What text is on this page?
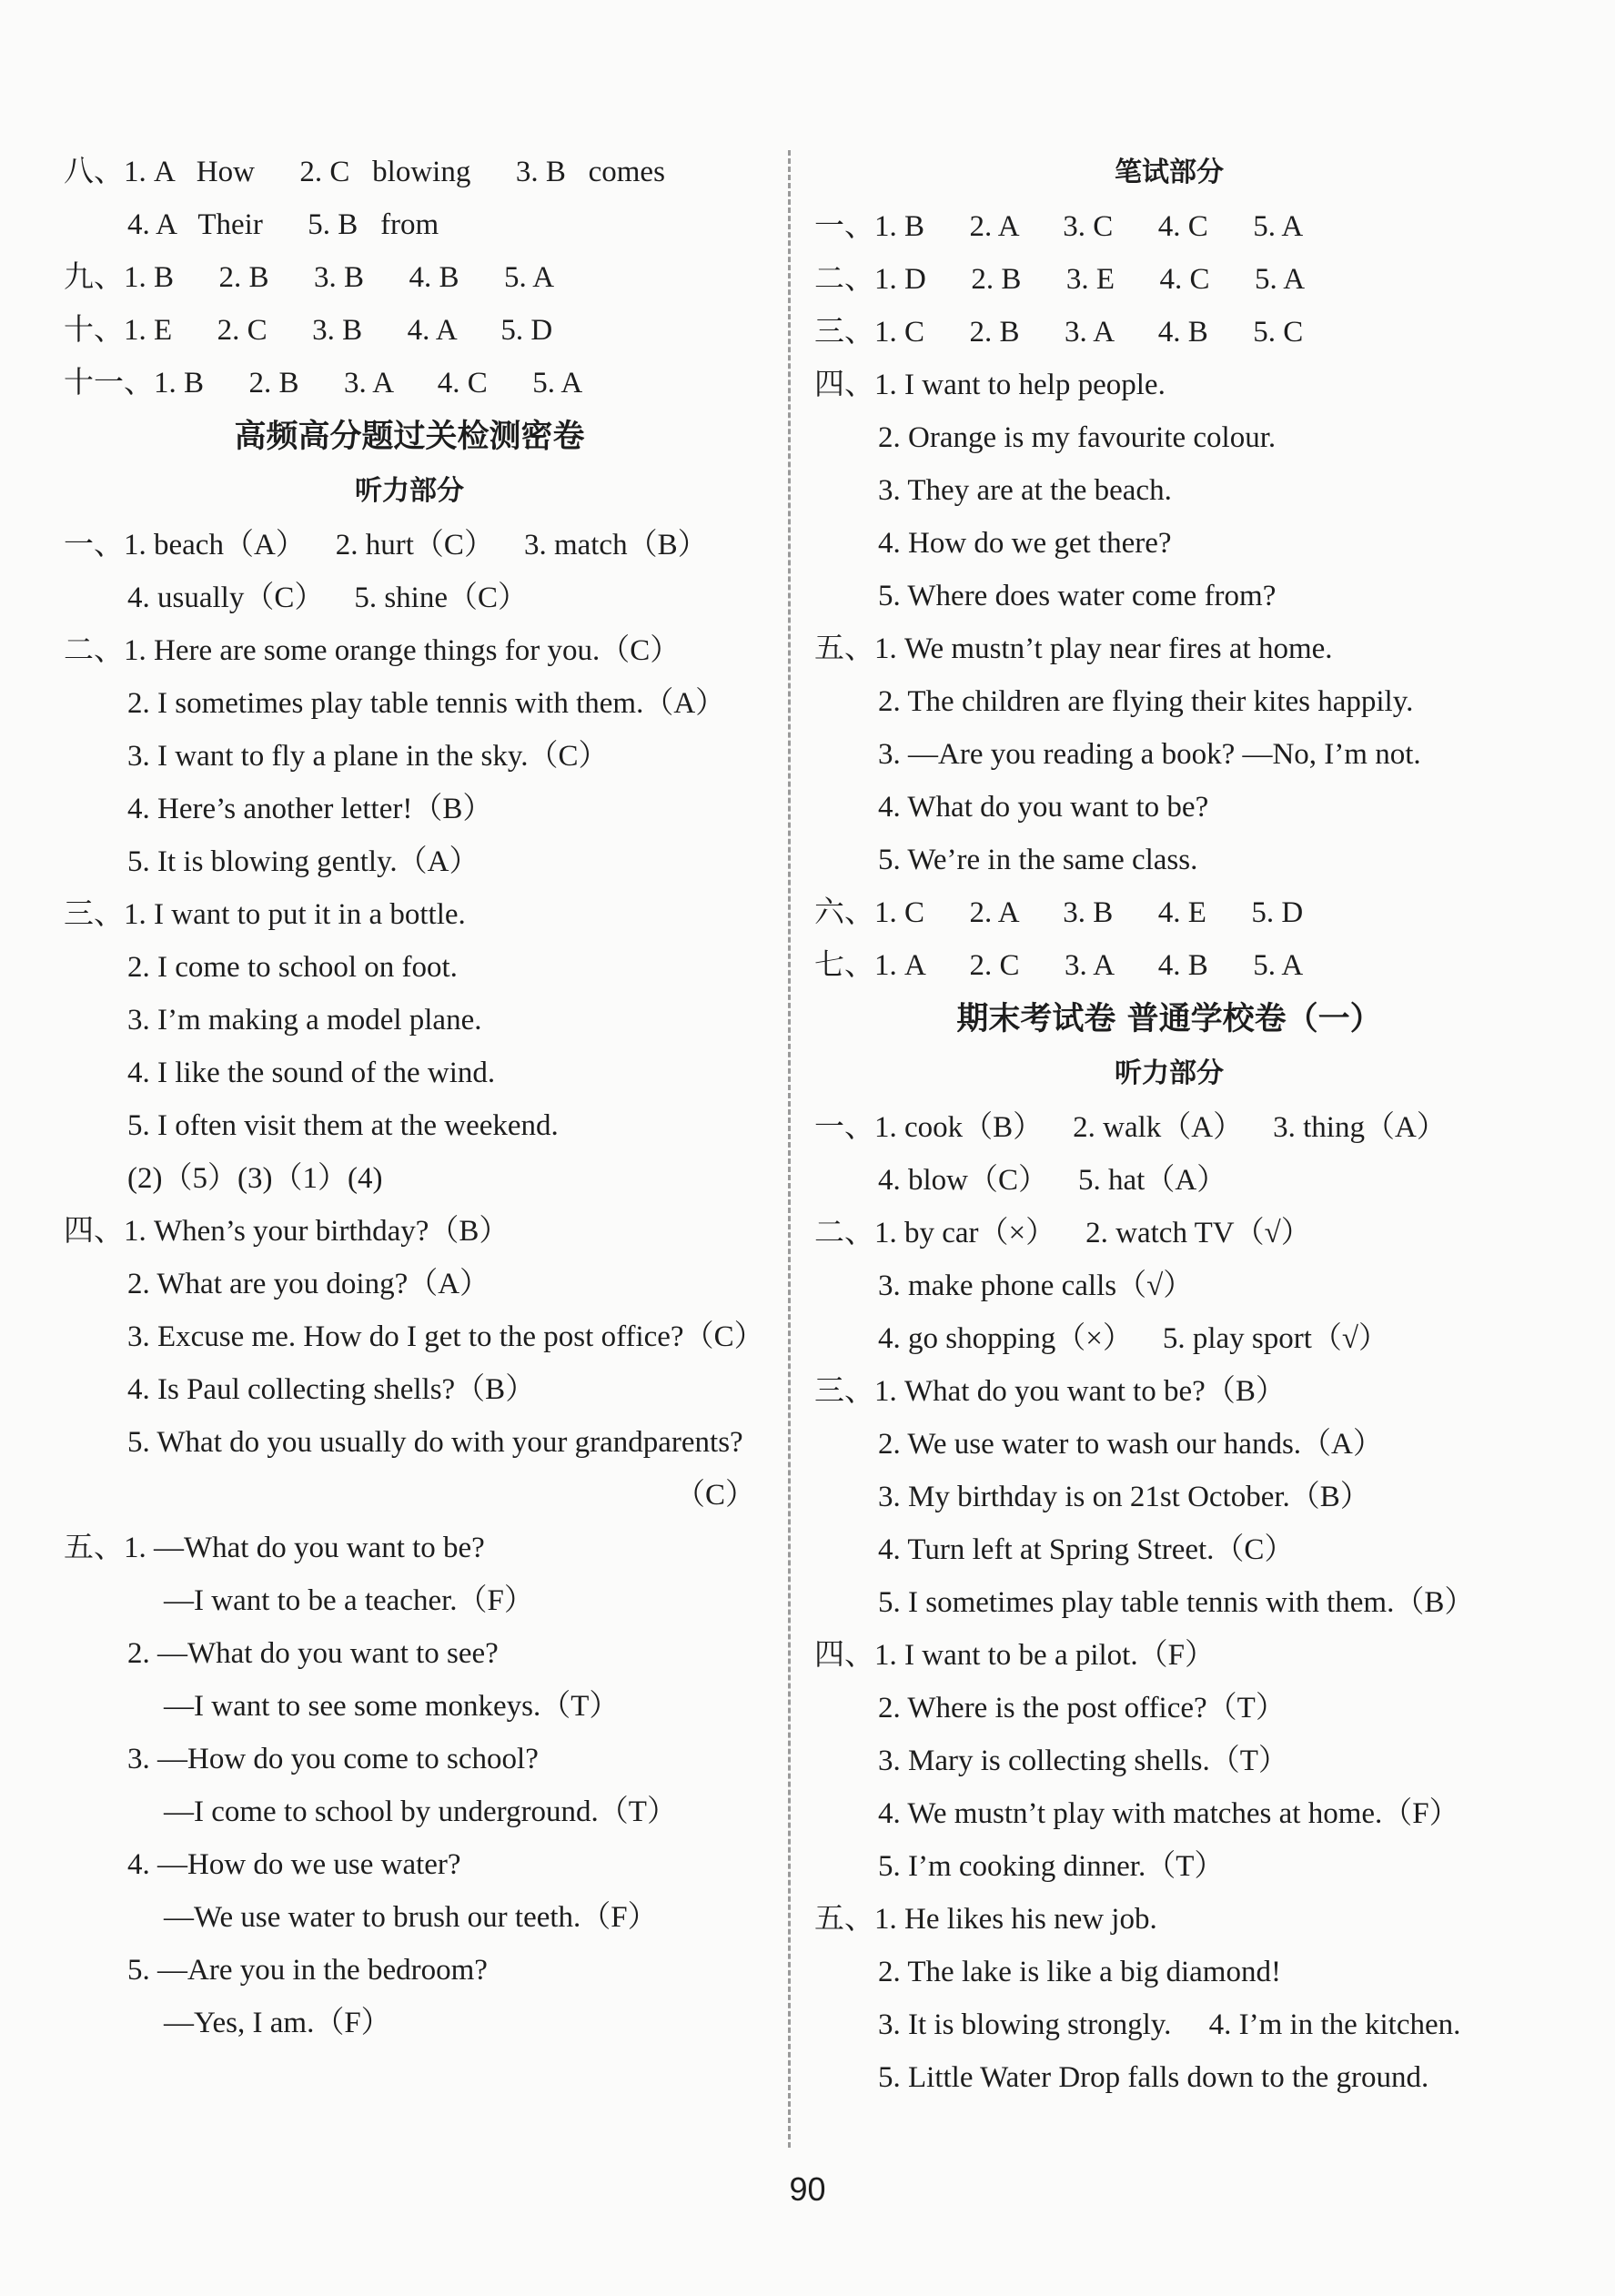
八、1. A   How      2. C   blowing      3. B   comes
4. A   Their      5. B   from
九、1. B      2. B      3. B      4. B      5. A
十、1. E      2. C      3. B      4. A      5. D
十一、1. B      2. B      3. A      4. C      5. A
高频高分题过关检测密卷
听力部分
一、1. beach（A）    2. hurt（C）    3. match（B）
4. usually（C）    5. shine（C）
二、1. Here are some orange things for you.（C）
2. I sometimes play table tennis with them.（A）
3. I want to fly a plane in the sky.（C）
4. Here’s another letter!（B）
5. It is blowing gently.（A）
三、1. I want to put it in a bottle.
2. I come to school on foot.
3. I’m making a model plane.
4. I like the sound of the wind.
5. I often visit them at the weekend.
(2)（5）(3)（1）(4)
四、1. When’s your birthday?（B）
2. What are you doing?（A）
3. Excuse me. How do I get to the post office?（C）
4. Is Paul collecting shells?（B）
5. What do you usually do with your grandparents?
（C）
五、1. —What do you want to be?
—I want to be a teacher.（F）
2. —What do you want to see?
—I want to see some monkeys.（T）
3. —How do you come to school?
—I come to school by underground.（T）
4. —How do we use water?
—We use water to brush our teeth.（F）
5. —Are you in the bedroom?
—Yes, I am.（F）
笔试部分
一、1. B      2. A      3. C      4. C      5. A
二、1. D      2. B      3. E      4. C      5. A
三、1. C      2. B      3. A      4. B      5. C
四、1. I want to help people.
2. Orange is my favourite colour.
3. They are at the beach.
4. How do we get there?
5. Where does water come from?
五、1. We mustn’t play near fires at home.
2. The children are flying their kites happily.
3. —Are you reading a book? —No, I’m not.
4. What do you want to be?
5. We’re in the same class.
六、1. C      2. A      3. B      4. E      5. D
七、1. A      2. C      3. A      4. B      5. A
期末考试卷 普通学校卷（一）
听力部分
一、1. cook（B）    2. walk（A）    3. thing（A）
4. blow（C）    5. hat（A）
二、1. by car（×）    2. watch TV（√）
3. make phone calls（√）
4. go shopping（×）    5. play sport（√）
三、1. What do you want to be?（B）
2. We use water to wash our hands.（A）
3. My birthday is on 21st October.（B）
4. Turn left at Spring Street.（C）
5. I sometimes play table tennis with them.（B）
四、1. I want to be a pilot.（F）
2. Where is the post office?（T）
3. Mary is collecting shells.（T）
4. We mustn’t play with matches at home.（F）
5. I’m cooking dinner.（T）
五、1. He likes his new job.
2. The lake is like a big diamond!
3. It is blowing strongly.     4. I’m in the kitchen.
5. Little Water Drop falls down to the ground.
90
